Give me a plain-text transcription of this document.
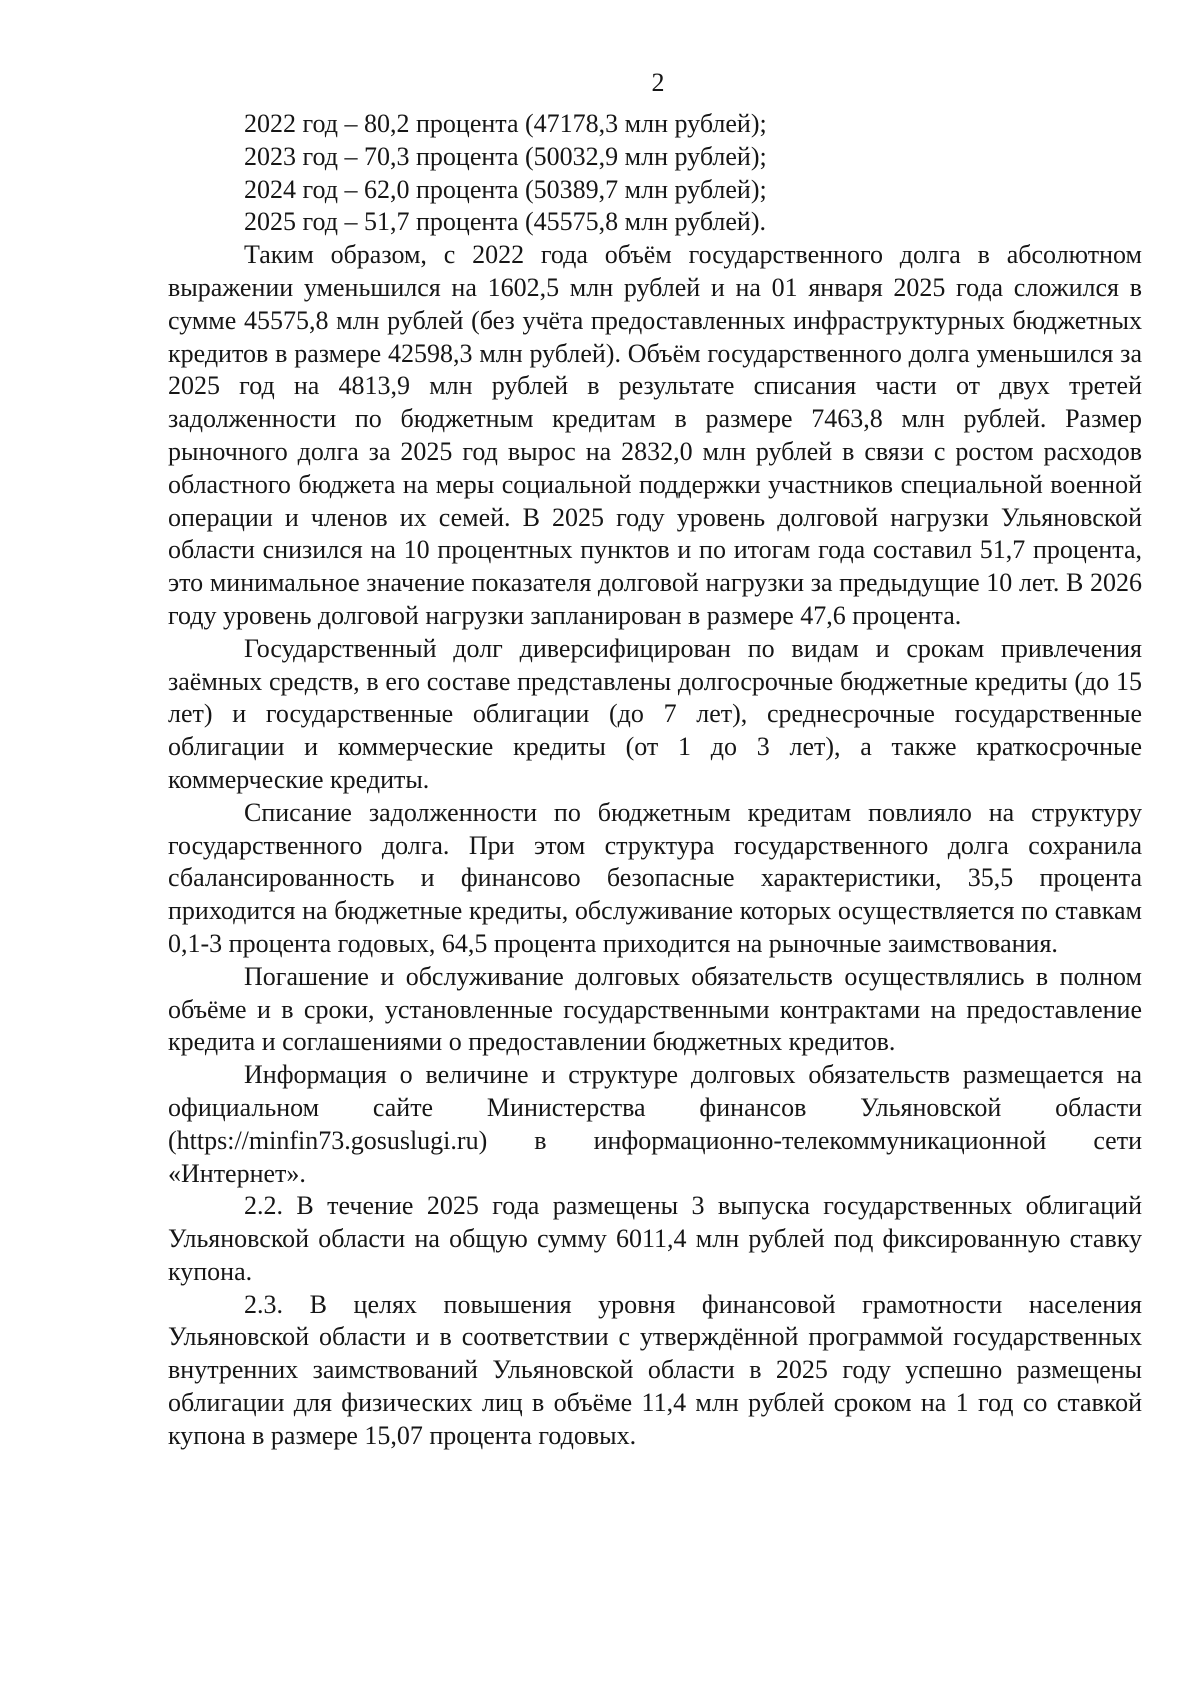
2

2022 год – 80,2 процента (47178,3 млн рублей);

2023 год – 70,3 процента (50032,9 млн рублей);

2024 год – 62,0 процента (50389,7 млн рублей);

2025 год – 51,7 процента (45575,8 млн рублей).

Таким образом, с 2022 года объём государственного долга в абсолютном выражении уменьшился на 1602,5 млн рублей и на 01 января 2025 года сложился в сумме 45575,8 млн рублей (без учёта предоставленных инфраструктурных бюджетных кредитов в размере 42598,3 млн рублей). Объём государственного долга уменьшился за 2025 год на 4813,9 млн рублей в результате списания части от двух третей задолженности по бюджетным кредитам в размере 7463,8 млн рублей. Размер рыночного долга за 2025 год вырос на 2832,0 млн рублей в связи с ростом расходов областного бюджета на меры социальной поддержки участников специальной военной операции и членов их семей. В 2025 году уровень долговой нагрузки Ульяновской области снизился на 10 процентных пунктов и по итогам года составил 51,7 процента, это минимальное значение показателя долговой нагрузки за предыдущие 10 лет. В 2026 году уровень долговой нагрузки запланирован в размере 47,6 процента.

Государственный долг диверсифицирован по видам и срокам привлечения заёмных средств, в его составе представлены долгосрочные бюджетные кредиты (до 15 лет) и государственные облигации (до 7 лет), среднесрочные государственные облигации и коммерческие кредиты (от 1 до 3 лет), а также краткосрочные коммерческие кредиты.

Списание задолженности по бюджетным кредитам повлияло на структуру государственного долга. При этом структура государственного долга сохранила сбалансированность и финансово безопасные характеристики, 35,5 процента приходится на бюджетные кредиты, обслуживание которых осуществляется по ставкам 0,1-3 процента годовых, 64,5 процента приходится на рыночные заимствования.

Погашение и обслуживание долговых обязательств осуществлялись в полном объёме и в сроки, установленные государственными контрактами на предоставление кредита и соглашениями о предоставлении бюджетных кредитов.

Информация о величине и структуре долговых обязательств размещается на официальном сайте Министерства финансов Ульяновской области (https://minfin73.gosuslugi.ru) в информационно-телекоммуникационной сети «Интернет».

2.2. В течение 2025 года размещены 3 выпуска государственных облигаций Ульяновской области на общую сумму 6011,4 млн рублей под фиксированную ставку купона.

2.3. В целях повышения уровня финансовой грамотности населения Ульяновской области и в соответствии с утверждённой программой государственных внутренних заимствований Ульяновской области в 2025 году успешно размещены облигации для физических лиц в объёме 11,4 млн рублей сроком на 1 год со ставкой купона в размере 15,07 процента годовых.
